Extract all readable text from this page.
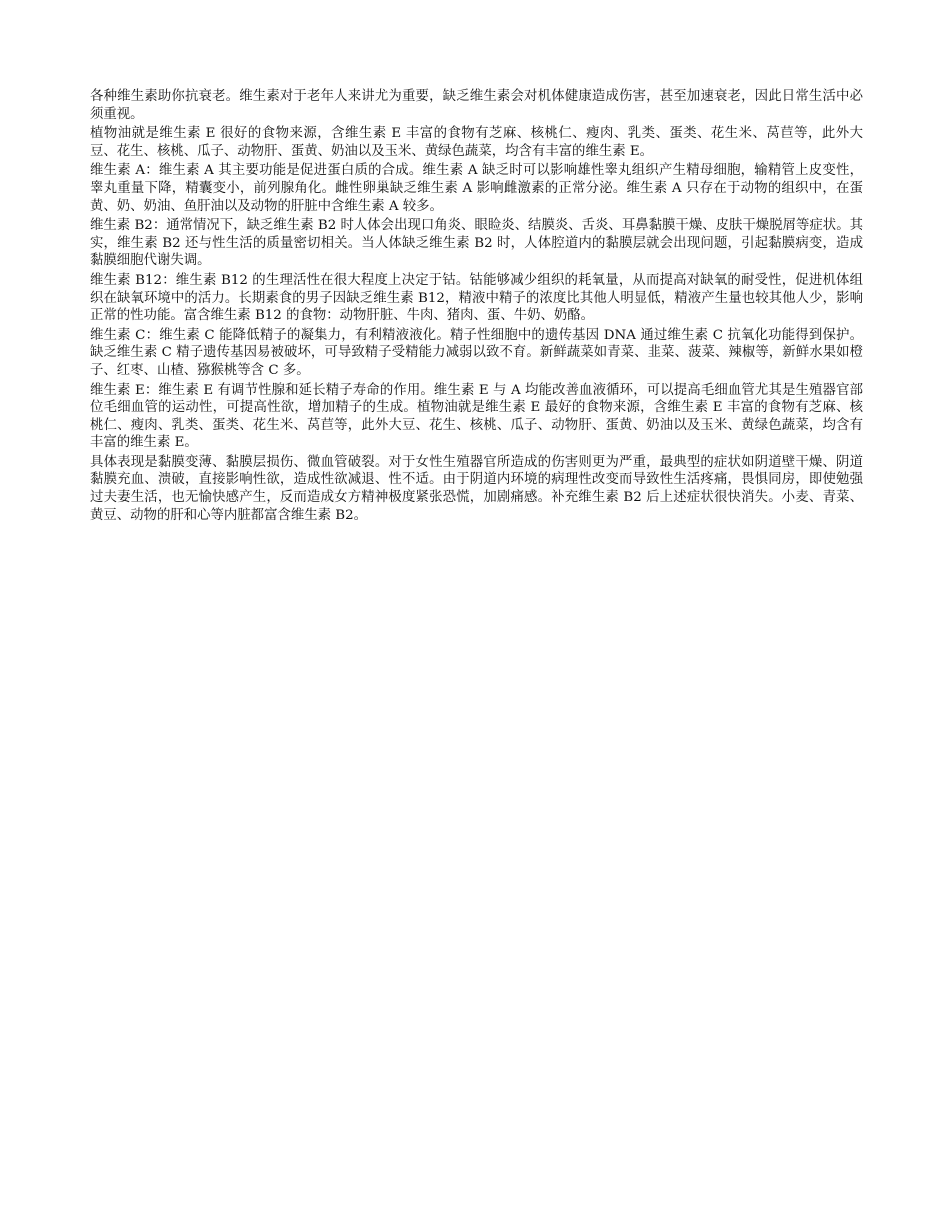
各种维生素助你抗衰老。维生素对于老年人来讲尤为重要，缺乏维生素会对机体健康造成伤害，甚至加速衰老，因此日常生活中必须重视。

植物油就是维生素 E 很好的食物来源，含维生素 E 丰富的食物有芝麻、核桃仁、瘦肉、乳类、蛋类、花生米、莴苣等，此外大豆、花生、核桃、瓜子、动物肝、蛋黄、奶油以及玉米、黄绿色蔬菜，均含有丰富的维生素 E。

维生素 A：维生素 A 其主要功能是促进蛋白质的合成。维生素 A 缺乏时可以影响雄性睾丸组织产生精母细胞，输精管上皮变性，睾丸重量下降，精囊变小，前列腺角化。雌性卵巢缺乏维生素 A 影响雌激素的正常分泌。维生素 A 只存在于动物的组织中，在蛋黄、奶、奶油、鱼肝油以及动物的肝脏中含维生素 A 较多。

维生素 B2：通常情况下，缺乏维生素 B2 时人体会出现口角炎、眼睑炎、结膜炎、舌炎、耳鼻黏膜干燥、皮肤干燥脱屑等症状。其实，维生素 B2 还与性生活的质量密切相关。当人体缺乏维生素 B2 时，人体腔道内的黏膜层就会出现问题，引起黏膜病变，造成黏膜细胞代谢失调。

维生素 B12：维生素 B12 的生理活性在很大程度上决定于钴。钴能够减少组织的耗氧量，从而提高对缺氧的耐受性，促进机体组织在缺氧环境中的活力。长期素食的男子因缺乏维生素 B12，精液中精子的浓度比其他人明显低，精液产生量也较其他人少，影响正常的性功能。富含维生素 B12 的食物：动物肝脏、牛肉、猪肉、蛋、牛奶、奶酪。

维生素 C：维生素 C 能降低精子的凝集力，有利精液液化。精子性细胞中的遗传基因 DNA 通过维生素 C 抗氧化功能得到保护。缺乏维生素 C 精子遗传基因易被破坏，可导致精子受精能力减弱以致不育。新鲜蔬菜如青菜、韭菜、菠菜、辣椒等，新鲜水果如橙子、红枣、山楂、猕猴桃等含 C 多。

维生素 E：维生素 E 有调节性腺和延长精子寿命的作用。维生素 E 与 A 均能改善血液循环，可以提高毛细血管尤其是生殖器官部位毛细血管的运动性，可提高性欲，增加精子的生成。植物油就是维生素 E 最好的食物来源，含维生素 E 丰富的食物有芝麻、核桃仁、瘦肉、乳类、蛋类、花生米、莴苣等，此外大豆、花生、核桃、瓜子、动物肝、蛋黄、奶油以及玉米、黄绿色蔬菜，均含有丰富的维生素 E。

具体表现是黏膜变薄、黏膜层损伤、微血管破裂。对于女性生殖器官所造成的伤害则更为严重，最典型的症状如阴道壁干燥、阴道黏膜充血、溃破，直接影响性欲，造成性欲减退、性不适。由于阴道内环境的病理性改变而导致性生活疼痛，畏惧同房，即使勉强过夫妻生活，也无愉快感产生，反而造成女方精神极度紧张恐慌，加剧痛感。补充维生素 B2 后上述症状很快消失。小麦、青菜、黄豆、动物的肝和心等内脏都富含维生素 B2。
